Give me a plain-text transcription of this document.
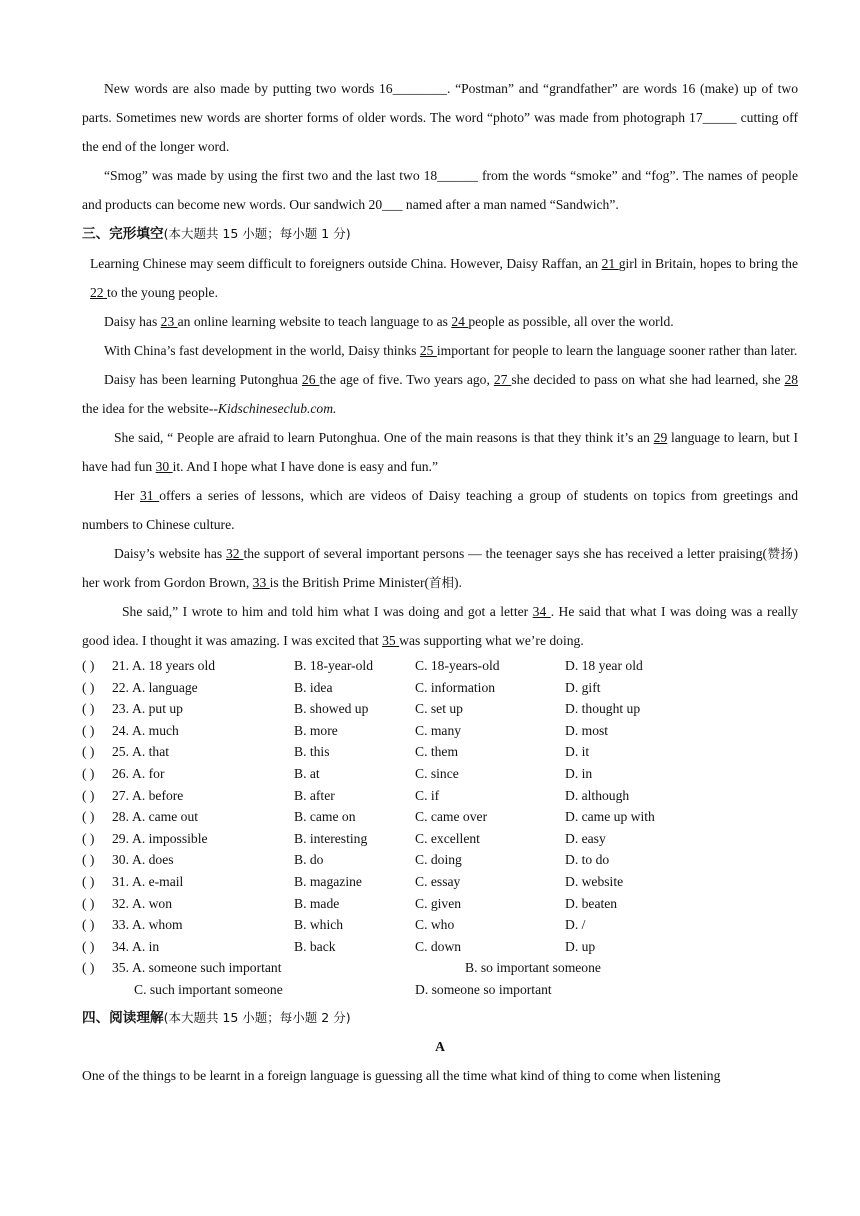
New words are also made by putting two words 16________. “Postman” and “grandfather” are words 16 (make) up of two parts. Sometimes new words are shorter forms of older words. The word “photo” was made from photograph 17_____ cutting off the end of the longer word.

“Smog” was made by using the first two and the last two 18______ from the words “smoke” and “fog”. The names of people and products can become new words. Our sandwich 20___ named after a man named “Sandwich”.

三、完形填空(本大题共 15 小题；每小题 1 分)

Learning Chinese may seem difficult to foreigners outside China. However, Daisy Raffan, an 21 girl in Britain, hopes to bring the 22 to the young people.

Daisy has 23 an online learning website to teach language to as 24 people as possible, all over the world.

With China’s fast development in the world, Daisy thinks 25 important for people to learn the language sooner rather than later.

Daisy has been learning Putonghua 26 the age of five. Two years ago, 27 she decided to pass on what she had learned, she 28 the idea for the website--Kidschineseclub.com.

She said, “ People are afraid to learn Putonghua. One of the main reasons is that they think it’s an 29 language to learn, but I have had fun 30 it. And I hope what I have done is easy and fun.”

Her 31 offers a series of lessons, which are videos of Daisy teaching a group of students on topics from greetings and numbers to Chinese culture.

Daisy’s website has 32 the support of several important persons — the teenager says she has received a letter praising(赞扬) her work from Gordon Brown, 33 is the British Prime Minister(首相).

She said,” I wrote to him and told him what I was doing and got a letter 34 . He said that what I was doing was a really good idea. I thought it was amazing. I was excited that 35 was supporting what we’re doing.

( )	21. A. 18 years old	B. 18-year-old	C. 18-years-old	D. 18 year old
( )	22. A. language	B. idea	C. information	D. gift
( )	23. A. put up	B. showed up	C. set up	D. thought up
( )	24. A. much	B. more	C. many	D. most
( )	25. A. that	B. this	C. them	D. it
( )	26. A. for	B. at	C. since	D. in
( )	27. A. before	B. after	C. if	D. although
( )	28. A. came out	B. came on	C. came over	D. came up with
( )	29. A. impossible	B. interesting	C. excellent	D. easy
( )	30. A. does	B. do	C. doing	D. to do
( )	31. A. e-mail	B. magazine	C. essay	D. website
( )	32. A. won	B. made	C. given	D. beaten
( )	33. A. whom	B. which	C. who	D. /
( )	34. A. in	B. back	C. down	D. up
( )	35. A. someone such important	B. so important someone
C. such important someone	D. someone so important

四、阅读理解(本大题共 15 小题；每小题 2 分)

A

One of the things to be learnt in a foreign language is guessing all the time what kind of thing to come when listening
